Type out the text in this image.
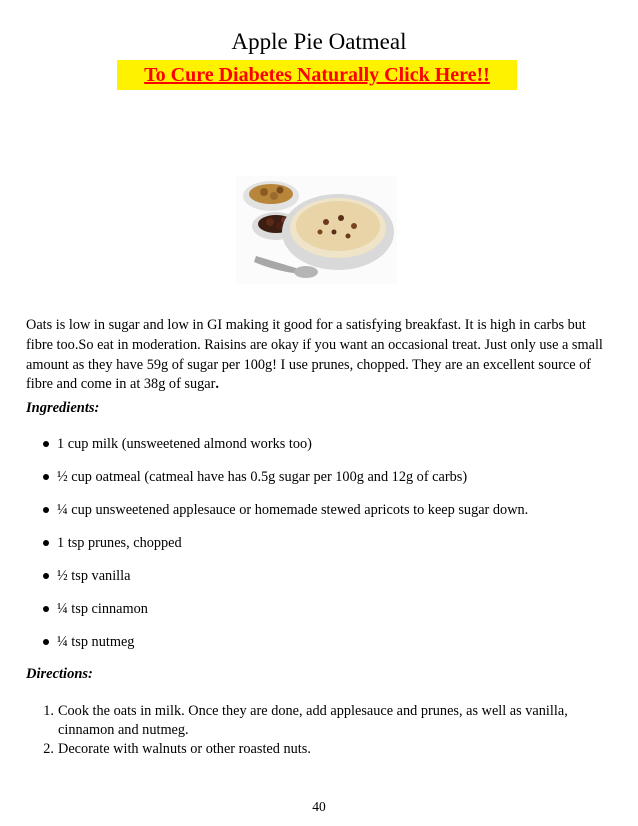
Apple Pie Oatmeal
To Cure Diabetes Naturally Click Here!!
Oats is low in sugar and low in GI making it good for a satisfying breakfast. It is high in carbs but fibre too.So eat in moderation. Raisins are okay if you want an occasional treat. Just only use a small amount as they have 59g of sugar per 100g! I use prunes, chopped. They are an excellent source of fibre and come in at 38g of sugar.
Ingredients:
1 cup milk (unsweetened almond works too)
½ cup oatmeal (catmeal have has 0.5g sugar per 100g and 12g of carbs)
¼ cup unsweetened applesauce or homemade stewed apricots to keep sugar down.
1 tsp prunes, chopped
½ tsp vanilla
¼ tsp cinnamon
¼ tsp nutmeg
Directions:
1. Cook the oats in milk. Once they are done, add applesauce and prunes, as well as vanilla, cinnamon and nutmeg.
2. Decorate with walnuts or other roasted nuts.
40
